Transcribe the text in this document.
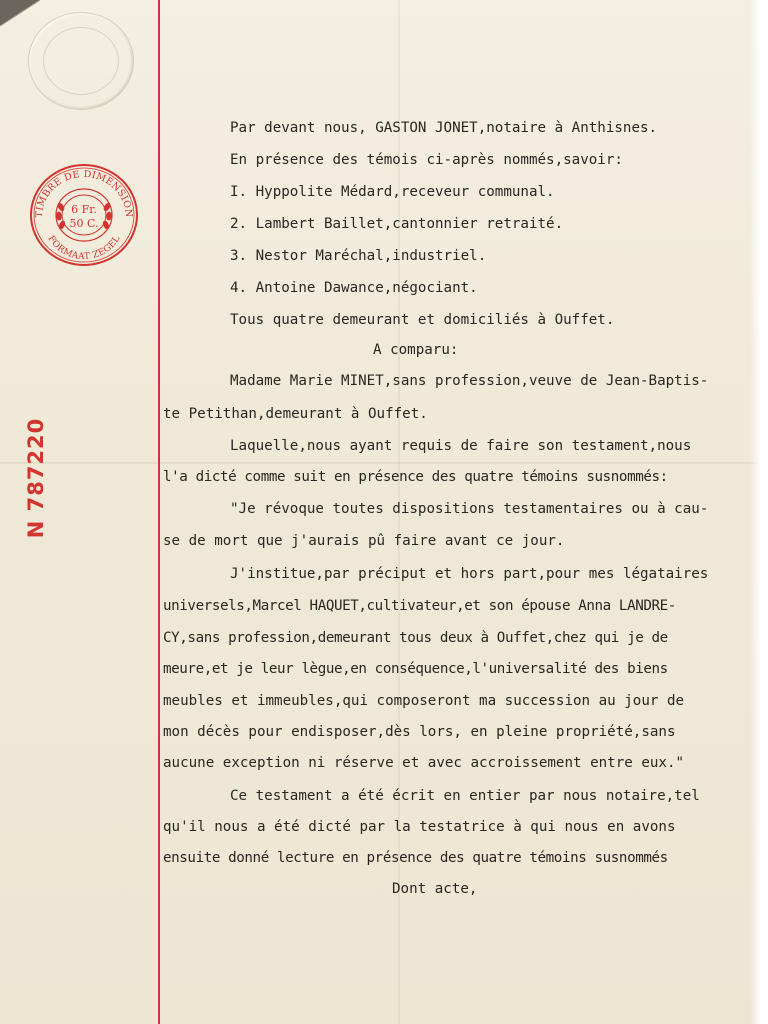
TIMBRE DE DIMENSION
FORMAAT ZEGEL
6 Fr.
50 C.
N 787220
Par devant nous, GASTON JONET,notaire à Anthisnes.
En présence des témois ci-après nommés,savoir:
I. Hyppolite Médard,receveur communal.
2. Lambert Baillet,cantonnier retraité.
3. Nestor Maréchal,industriel.
4. Antoine Dawance,négociant.
Tous quatre demeurant et domiciliés à Ouffet.
A comparu:
Madame Marie MINET,sans profession,veuve de Jean-Baptis-
te Petithan,demeurant à Ouffet.
Laquelle,nous ayant requis de faire son testament,nous
l'a dicté comme suit en présence des quatre témoins susnommés:
"Je révoque toutes dispositions testamentaires ou à cau-
se de mort que j'aurais pû faire avant ce jour.
J'institue,par préciput et hors part,pour mes légataires
universels,Marcel HAQUET,cultivateur,et son épouse Anna LANDRE-
CY,sans profession,demeurant tous deux à Ouffet,chez qui je de
meure,et je leur lègue,en conséquence,l'universalité des biens
meubles et immeubles,qui composeront ma succession au jour de
mon décès pour endisposer,dès lors, en pleine propriété,sans
aucune exception ni réserve et avec accroissement entre eux."
Ce testament a été écrit en entier par nous notaire,tel
qu'il nous a été dicté par la testatrice à qui nous en avons
ensuite donné lecture en présence des quatre témoins susnommés
Dont acte,
